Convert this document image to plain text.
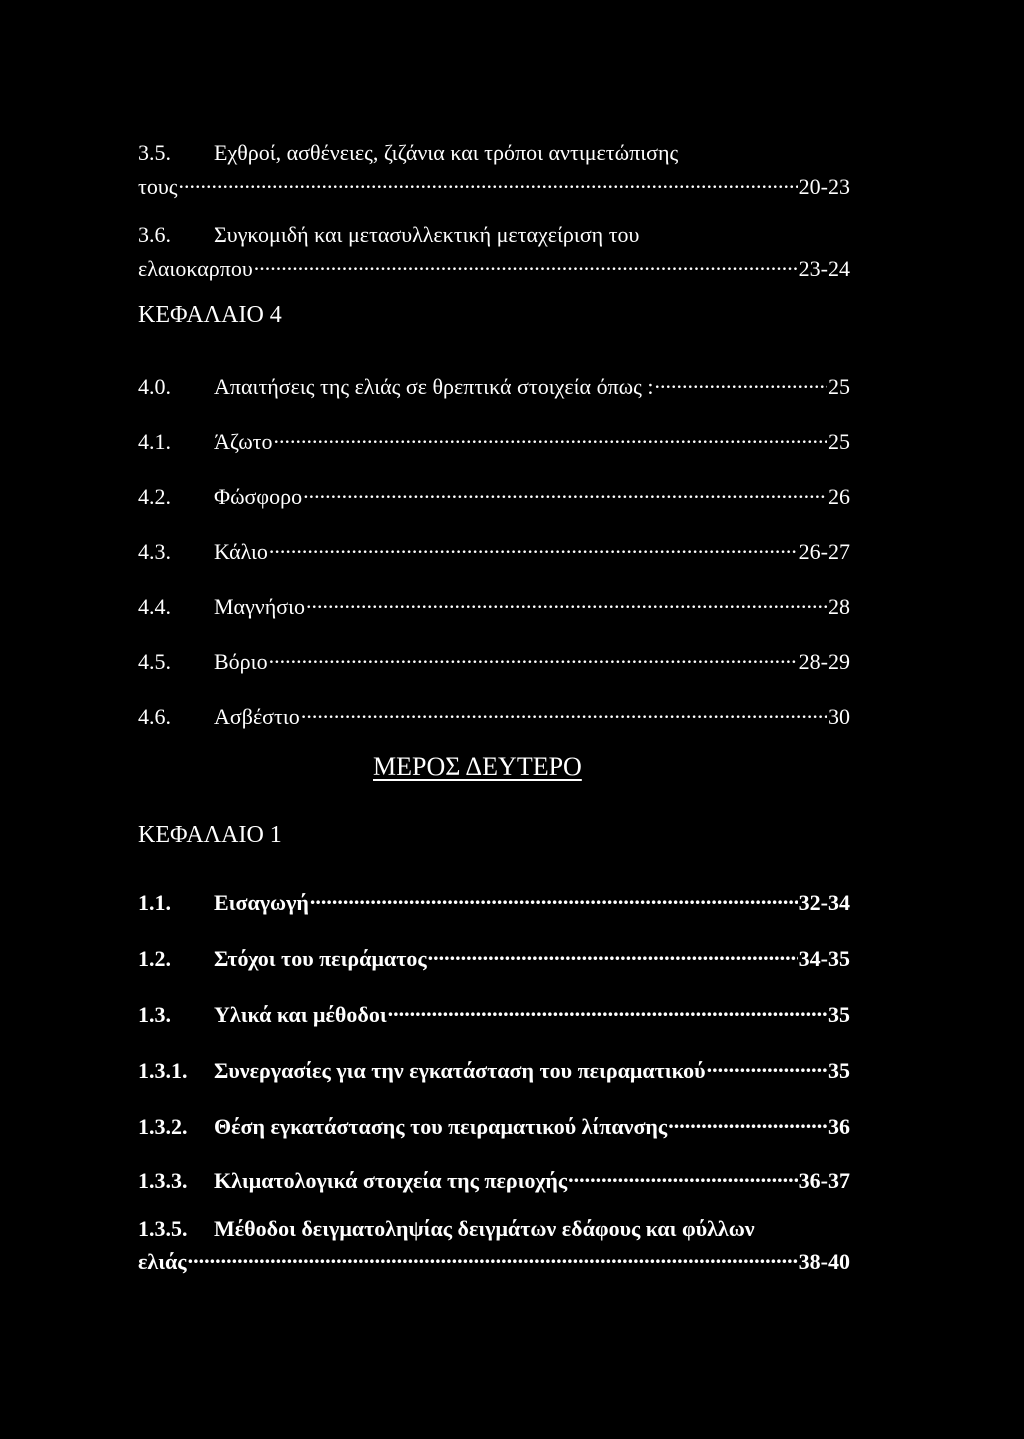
3.5. Εχθροί, ασθένειες, ζιζάνια και τρόποι αντιμετώπισης
τους .....	20-23
3.6. Συγκομιδή και μετασυλλεκτική μεταχείριση του
ελαιοκαρπου .....	23-24
ΚΕΦΑΛΑΙΟ 4
4.0.	Απαιτήσεις της ελιάς σε θρεπτικά στοιχεία όπως : .....	25
4.1.	Άζωτο .....	25
4.2.	Φώσφορο .....	26
4.3.	Κάλιο .....	26-27
4.4.	Μαγνήσιο .....	28
4.5.	Βόριο .....	28-29
4.6.	Ασβέστιο .....	30
ΜΕΡΟΣ ΔΕΥΤΕΡΟ
ΚΕΦΑΛΑΙΟ 1
1.1.	Εισαγωγή .....	32-34
1.2.	Στόχοι του πειράματος .....	34-35
1.3.	Υλικά και μέθοδοι .....	35
1.3.1.	Συνεργασίες για την εγκατάσταση του πειραματικού .....	35
1.3.2.	Θέση εγκατάστασης του πειραματικού λίπανσης .....	36
1.3.3.	Κλιματολογικά στοιχεία της περιοχής .....	36-37
1.3.5. Μέθοδοι δειγματοληψίας δειγμάτων εδάφους και φύλλων
ελιάς .....	38-40
